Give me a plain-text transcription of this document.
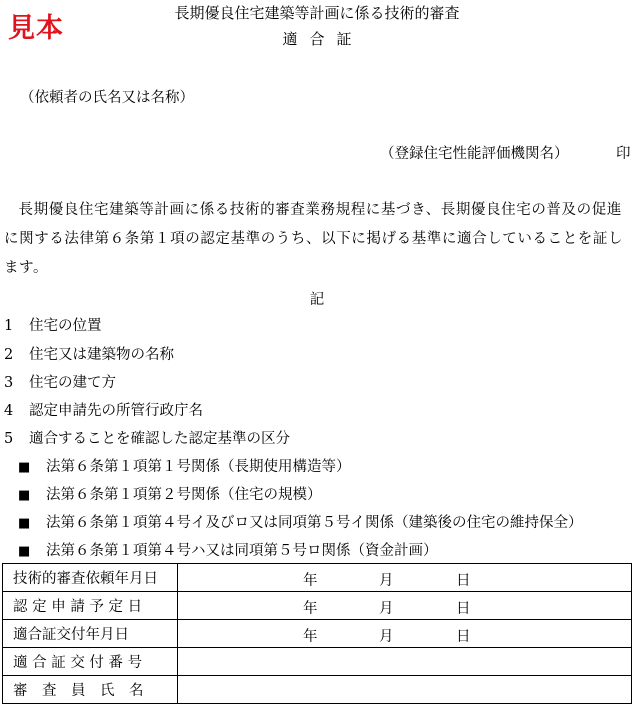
見本	長期優良住宅建築等計画に係る技術的審査
適合証
（依頼者の氏名又は名称）
（登録住宅性能評価機関名）	印
長期優良住宅建築等計画に係る技術的審査業務規程に基づき、長期優良住宅の普及の促進に関する法律第６条第１項の認定基準のうち、以下に掲げる基準に適合していることを証します。
記
1 住宅の位置
2 住宅又は建築物の名称
3 住宅の建て方
4 認定申請先の所管行政庁名
5 適合することを確認した認定基準の区分
■ 法第６条第１項第１号関係（長期使用構造等）
■ 法第６条第１項第２号関係（住宅の規模）
■ 法第６条第１項第４号イ及びロ又は同項第５号イ関係（建築後の住宅の維持保全）
■ 法第６条第１項第４号ハ又は同項第５号ロ関係（資金計画）
技術的審査依頼年月日	年 月 日

認 定 申 請 予 定 日	年 月 日

適合証交付年月日	年 月 日

適 合 証 交 付 番 号	
審　査　員　氏　名	
